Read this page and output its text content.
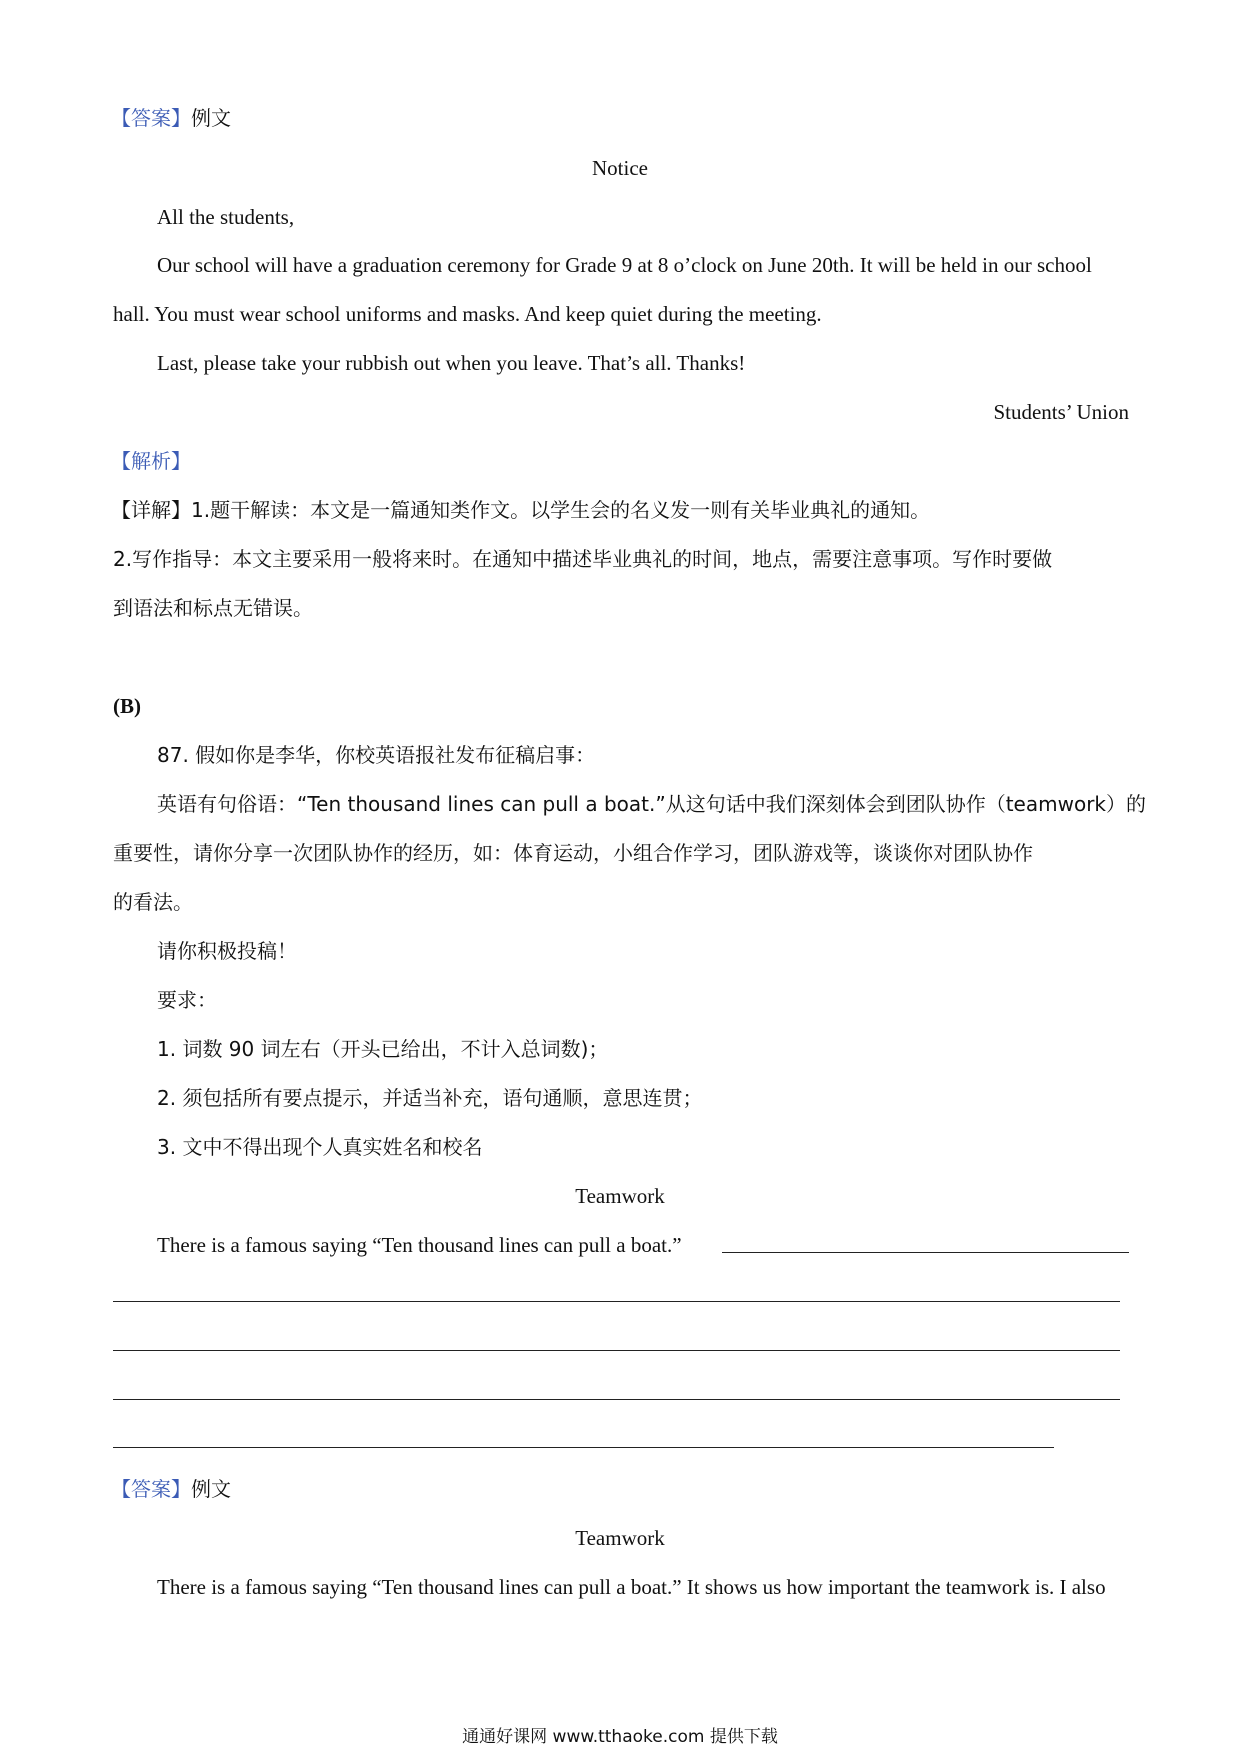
【答案】例文
Notice
All the students,
Our school will have a graduation ceremony for Grade 9 at 8 o’clock on June 20th. It will be held in our school
hall. You must wear school uniforms and masks. And keep quiet during the meeting.
Last, please take your rubbish out when you leave. That’s all. Thanks!
Students’ Union
【解析】
【详解】1.题干解读：本文是一篇通知类作文。以学生会的名义发一则有关毕业典礼的通知。
2.写作指导：本文主要采用一般将来时。在通知中描述毕业典礼的时间，地点，需要注意事项。写作时要做
到语法和标点无错误。
(B)
87. 假如你是李华，你校英语报社发布征稿启事：
英语有句俗语：“Ten thousand lines can pull a boat.”从这句话中我们深刻体会到团队协作（teamwork）的
重要性，请你分享一次团队协作的经历，如：体育运动，小组合作学习，团队游戏等，谈谈你对团队协作
的看法。
请你积极投稿！
要求：
1. 词数 90 词左右（开头已给出，不计入总词数)；
2. 须包括所有要点提示，并适当补充，语句通顺，意思连贯；
3. 文中不得出现个人真实姓名和校名
Teamwork
There is a famous saying “Ten thousand lines can pull a boat.”
【答案】例文
Teamwork
There is a famous saying “Ten thousand lines can pull a boat.” It shows us how important the teamwork is. I also
通通好课网 www.tthaoke.com 提供下载
